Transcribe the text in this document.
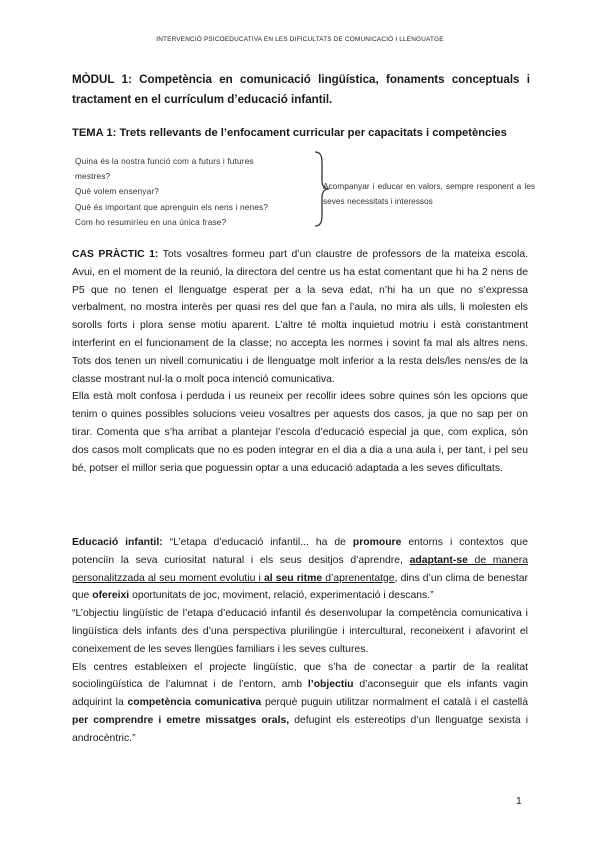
INTERVENCIÓ PSICOEDUCATIVA EN LES DIFICULTATS DE COMUNICACIÓ I LLENGUATGE
MÒDUL 1: Competència en comunicació lingüística, fonaments conceptuals i tractament en el currículum d’educació infantil.
TEMA 1: Trets rellevants de l’enfocament curricular per capacitats i competències
Quina és la nostra funció com a futurs i futures
mestres?
Què volem ensenyar?
Què és important que aprenguin els nens i nenes?
Com ho resumiríeu en una única frase?
Acompanyar i educar en valors, sempre responent a les seves necessitats i interessos

CAS PRÀCTIC 1: Tots vosaltres formeu part d’un claustre de professors de la mateixa escola. Avui, en el moment de la reunió, la directora del centre us ha estat comentant que hi ha 2 nens de P5 que no tenen el llenguatge esperat per a la seva edat, n’hi ha un que no s’expressa verbalment, no mostra interès per quasi res del que fan a l’aula, no mira als ulls, li molesten els sorolls forts i plora sense motiu aparent. L’altre té molta inquietud motriu i està constantment interferint en el funcionament de la classe; no accepta les normes i sovint fa mal als altres nens. Tots dos tenen un nivell comunicatiu i de llenguatge molt inferior a la resta dels/les nens/es de la classe mostrant nul·la o molt poca intenció comunicativa.

Ella està molt confosa i perduda i us reuneix per recollir idees sobre quines són les opcions que tenim o quines possibles solucions veieu vosaltres per aquests dos casos, ja que no sap per on tirar. Comenta que s’ha arribat a plantejar l’escola d’educació especial ja que, com explica, són dos casos molt complicats que no es poden integrar en el dia a dia a una aula i, per tant, i pel seu bé, potser el millor seria que poguessin optar a una educació adaptada a les seves dificultats.

Educació infantil: “L’etapa d’educació infantil... ha de promoure entorns i contextos que potenciïn la seva curiositat natural i els seus desitjos d’aprendre, adaptant-se de manera personalitzzada al seu moment evolutiu i al seu ritme d’aprenentatge, dins d’un clima de benestar que ofereixi oportunitats de joc, moviment, relació, experimentació i descans.”

“L’objectiu lingüístic de l’etapa d’educació infantil és desenvolupar la competència comunicativa i lingüística dels infants des d’una perspectiva plurilingüe i intercultural, reconeixent i afavorint el coneixement de les seves llengües familiars i les seves cultures.

Els centres estableixen el projecte lingüístic, que s’ha de conectar a partir de la realitat sociolingüística de l’alumnat i de l’entorn, amb l’objectiu d’aconseguir que els infants vagin adquirint la competència comunicativa perquè puguin utilitzar normalment el català i el castellà per comprendre i emetre missatges orals, defugint els estereotips d’un llenguatge sexista i androcèntric.”

1
